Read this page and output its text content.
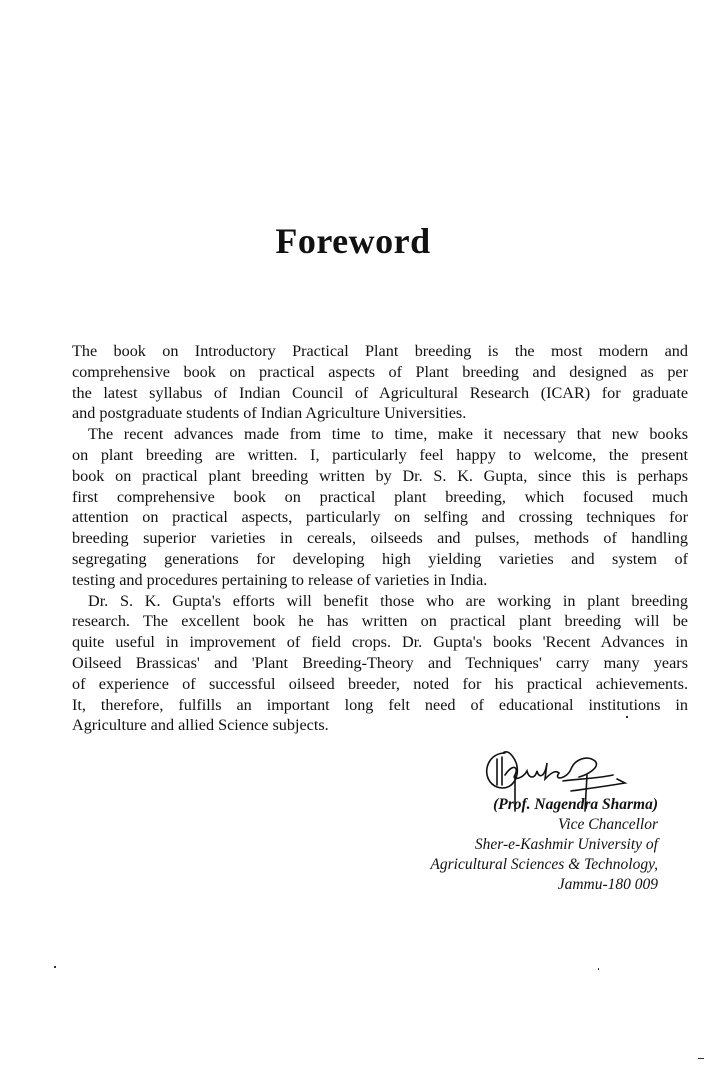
Foreword
The book on Introductory Practical Plant breeding is the most modern and
comprehensive book on practical aspects of Plant breeding and designed as per
the latest syllabus of Indian Council of Agricultural Research (ICAR) for graduate
and postgraduate students of Indian Agriculture Universities.
The recent advances made from time to time, make it necessary that new books
on plant breeding are written. I, particularly feel happy to welcome, the present
book on practical plant breeding written by Dr. S. K. Gupta, since this is perhaps
first comprehensive book on practical plant breeding, which focused much
attention on practical aspects, particularly on selfing and crossing techniques for
breeding superior varieties in cereals, oilseeds and pulses, methods of handling
segregating generations for developing high yielding varieties and system of
testing and procedures pertaining to release of varieties in India.
Dr. S. K. Gupta's efforts will benefit those who are working in plant breeding
research. The excellent book he has written on practical plant breeding will be
quite useful in improvement of field crops. Dr. Gupta's books 'Recent Advances in
Oilseed Brassicas' and 'Plant Breeding-Theory and Techniques' carry many years
of experience of successful oilseed breeder, noted for his practical achievements.
It, therefore, fulfills an important long felt need of educational institutions in
Agriculture and allied Science subjects.
(Prof. Nagendra Sharma)
Vice Chancellor
Sher-e-Kashmir University of
Agricultural Sciences & Technology,
Jammu-180 009
